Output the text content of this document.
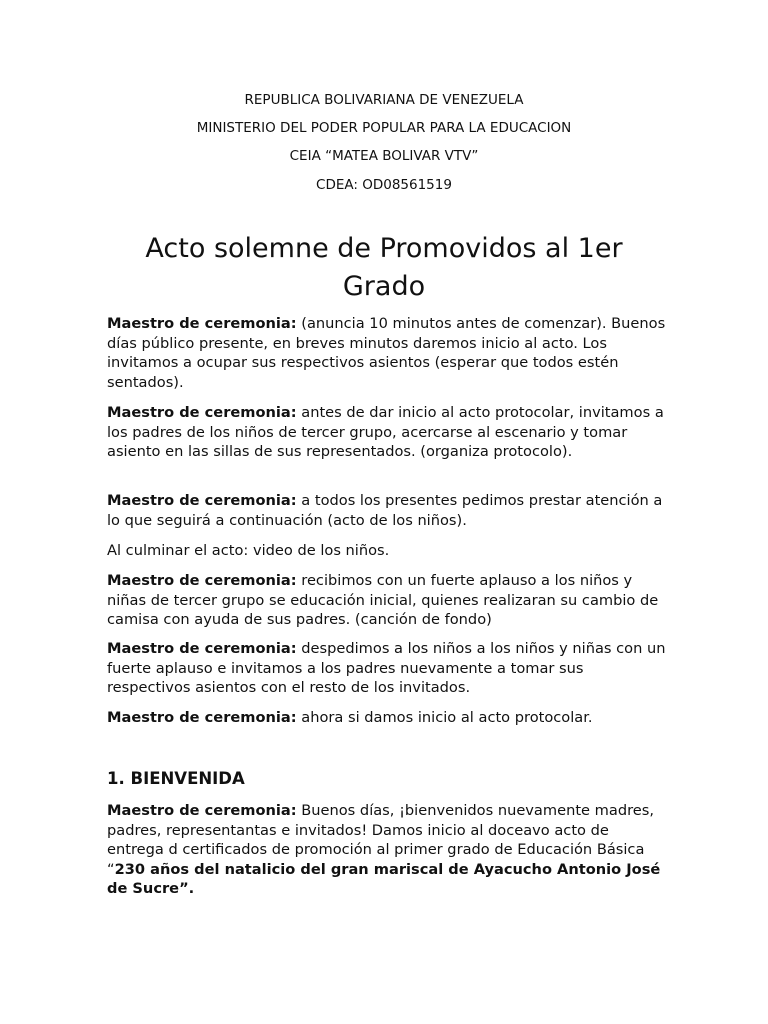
REPUBLICA BOLIVARIANA DE VENEZUELA
MINISTERIO DEL PODER POPULAR PARA LA EDUCACION
CEIA “MATEA BOLIVAR VTV”
CDEA: OD08561519
Acto solemne de Promovidos al 1er Grado

Maestro de ceremonia: (anuncia 10 minutos antes de comenzar). Buenos días público presente, en breves minutos daremos inicio al acto. Los invitamos a ocupar sus respectivos asientos (esperar que todos estén sentados).

Maestro de ceremonia: antes de dar inicio al acto protocolar, invitamos a los padres de los niños de tercer grupo, acercarse al escenario y tomar asiento en las sillas de sus representados. (organiza protocolo).

Maestro de ceremonia: a todos los presentes pedimos prestar atención a lo que seguirá a continuación (acto de los niños).

Al culminar el acto: video de los niños.

Maestro de ceremonia: recibimos con un fuerte aplauso a los niños y niñas de tercer grupo se educación inicial, quienes realizaran su cambio de camisa con ayuda de sus padres. (canción de fondo)

Maestro de ceremonia: despedimos a los niños a los niños y niñas con un fuerte aplauso e invitamos a los padres nuevamente a tomar sus respectivos asientos con el resto de los invitados.

Maestro de ceremonia: ahora si damos inicio al acto protocolar.

1. BIENVENIDA

Maestro de ceremonia: Buenos días, ¡bienvenidos nuevamente madres, padres, representantas e invitados! Damos inicio al doceavo acto de entrega d certificados de promoción al primer grado de Educación Básica “230 años del natalicio del gran mariscal de Ayacucho Antonio José de Sucre”.
